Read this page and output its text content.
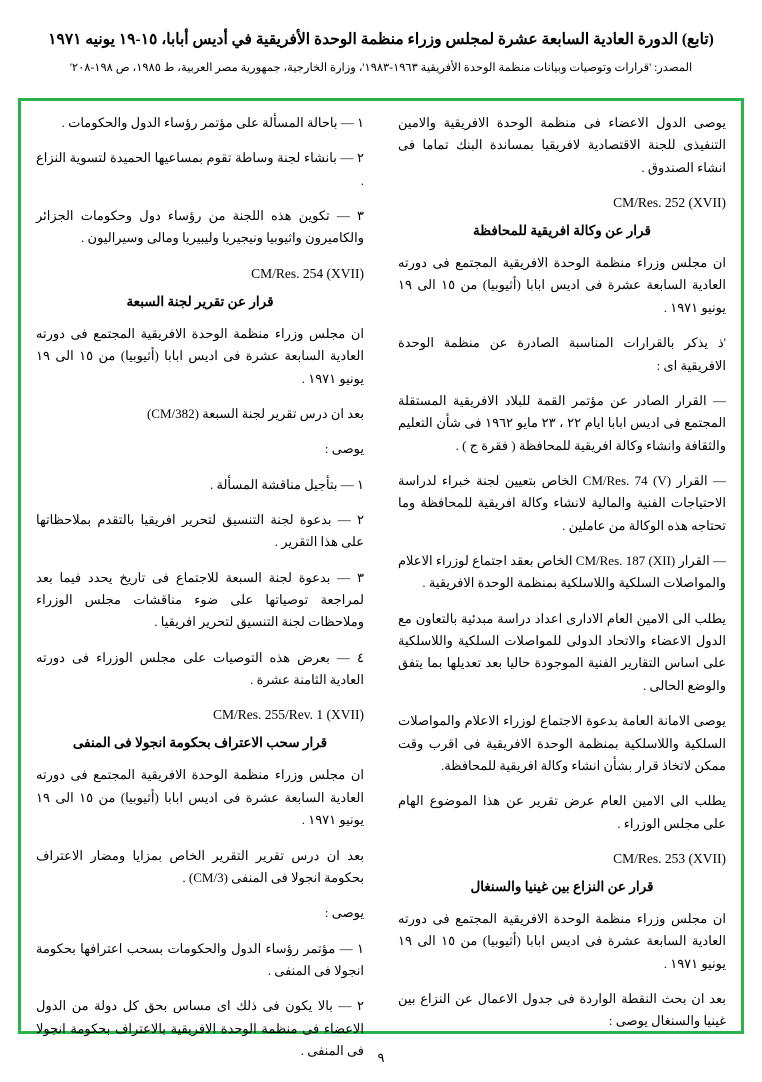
(تابع) الدورة العادية السابعة عشرة لمجلس وزراء منظمة الوحدة الأفريقية في أديس أبابا، ١٥-١٩ يونيه ١٩٧١
المصدر: 'قرارات وتوصيات وبيانات منظمة الوحدة الأفريقية ١٩٦٣-١٩٨٣'، وزارة الخارجية، جمهورية مصر العربية، ط ١٩٨٥، ص ١٩٨-٢٠٨'

يوصى الدول الاعضاء فى منظمة الوحدة الافريقية والامين التنفيذى للجنة الاقتصادية لافريقيا بمساندة البنك تماما فى انشاء الصندوق .

CM/Res. 252 (XVII)
قرار عن وكالة افريقية للمحافظة

ان مجلس وزراء منظمة الوحدة الافريقية المجتمع فى دورته العادية السابعة عشرة فى اديس ابابا (أثيوبيا) من ١٥ الى ١٩ يونيو ١٩٧١ .

'ذ يذكر بالقرارات المناسبة الصادرة عن منظمة الوحدة الافريقية اى :

— القرار الصادر عن مؤتمر القمة للبلاد الافريقية المستقلة المجتمع فى اديس ابابا ايام ٢٢ ، ٢٣ مايو ١٩٦٢ فى شأن التعليم والثقافة وانشاء وكالة افريقية للمحافظة ( فقرة ج ) .

— القرار CM/Res. 74 (V) الخاص بتعيين لجنة خبراء لدراسة الاحتياجات الفنية والمالية لانشاء وكالة افريقية للمحافظة وما تحتاجه هذه الوكالة من عاملين .

— القرار CM/Res. 187 (XII) الخاص بعقد اجتماع لوزراء الاعلام والمواصلات السلكية واللاسلكية بمنظمة الوحدة الافريقية .

يطلب الى الامين العام الادارى اعداد دراسة مبدئية بالتعاون مع الدول الاعضاء والاتحاد الدولى للمواصلات السلكية واللاسلكية على اساس التقارير الفنية الموجودة حاليا بعد تعديلها بما يتفق والوضع الحالى .

يوصى الامانة العامة بدعوة الاجتماع لوزراء الاعلام والمواصلات السلكية واللاسلكية بمنظمة الوحدة الافريقية فى اقرب وقت ممكن لاتخاذ قرار بشأن انشاء وكالة افريقية للمحافظة.

يطلب الى الامين العام عرض تقرير عن هذا الموضوع الهام على مجلس الوزراء .

CM/Res. 253 (XVII)
قرار عن النزاع بين غينيا والسنغال

ان مجلس وزراء منظمة الوحدة الافريقية المجتمع فى دورته العادية السابعة عشرة فى اديس ابابا (أثيوبيا) من ١٥ الى ١٩ يونيو ١٩٧١ .

بعد ان بحث النقطة الواردة فى جدول الاعمال عن النزاع بين غينيا والسنغال يوصى :

١ — باحالة المسألة على مؤتمر رؤساء الدول والحكومات .

٢ — بانشاء لجنة وساطة تقوم بمساعيها الحميدة لتسوية النزاع .

٣ — تكوين هذه اللجنة من رؤساء دول وحكومات الجزائر والكاميرون واثيوبيا ونيجيريا وليبيريا ومالى وسيراليون .

CM/Res. 254 (XVII)
قرار عن تقرير لجنة السبعة

ان مجلس وزراء منظمة الوحدة الافريقية المجتمع فى دورته العادية السابعة عشرة فى اديس ابابا (أثيوبيا) من ١٥ الى ١٩ يونيو ١٩٧١ .

بعد ان درس تقرير لجنة السبعة (CM/382)

يوصى :

١ — بتأجيل مناقشة المسألة .

٢ — بدعوة لجنة التنسيق لتحرير افريقيا بالتقدم بملاحظاتها على هذا التقرير .

٣ — بدعوة لجنة السبعة للاجتماع فى تاريخ يحدد فيما بعد لمراجعة توصياتها على ضوء مناقشات مجلس الوزراء وملاحظات لجنة التنسيق لتحرير افريقيا .

٤ — بعرض هذه التوصيات على مجلس الوزراء فى دورته العادية الثامنة عشرة .

CM/Res. 255/Rev. 1 (XVII)
قرار سحب الاعتراف بحكومة انجولا فى المنفى

ان مجلس وزراء منظمة الوحدة الافريقية المجتمع فى دورته العادية السابعة عشرة فى اديس ابابا (أثيوبيا) من ١٥ الى ١٩ يونيو ١٩٧١ .

بعد ان درس تقرير التقرير الخاص بمزايا ومضار الاعتراف بحكومة انجولا فى المنفى (CM/3) .

يوصى :

١ — مؤتمر رؤساء الدول والحكومات بسحب اعترافها بحكومة انجولا فى المنفى .

٢ — بالا يكون فى ذلك اى مساس بحق كل دولة من الدول الاعضاء فى منظمة الوحدة الافريقية بالاعتراف بحكومة انجولا فى المنفى .	٩
